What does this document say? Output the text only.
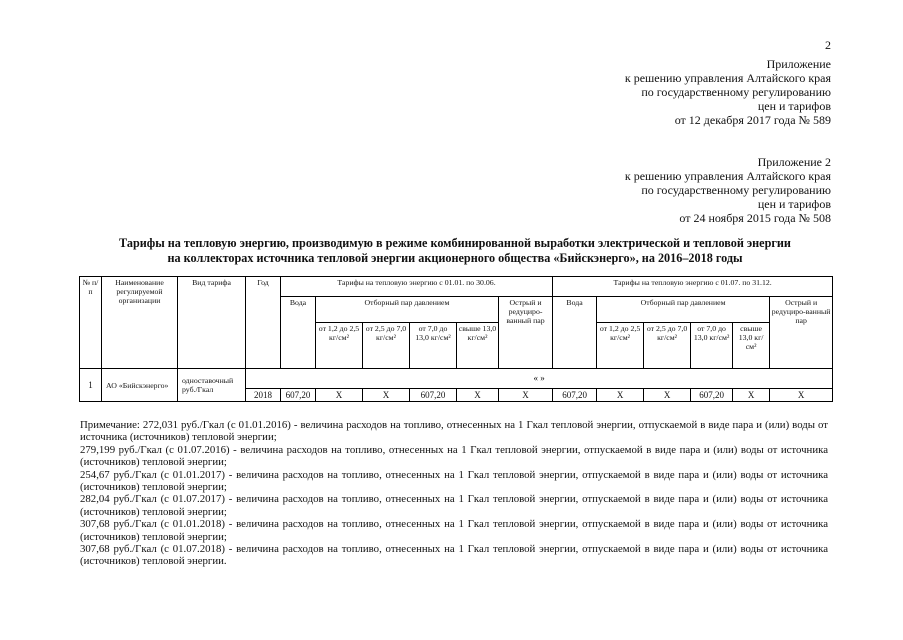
2
Приложение
к решению управления Алтайского края
по государственному регулированию
цен и тарифов
от 12 декабря 2017 года № 589
Приложение 2
к решению управления Алтайского края
по государственному регулированию
цен и тарифов
от 24 ноября 2015 года № 508
Тарифы на тепловую энергию, производимую в режиме комбинированной выработки электрической и тепловой энергии
на коллекторах источника тепловой энергии акционерного общества «Бийскэнерго», на 2016–2018 годы
№ п/п	Наименование регулируемой организации	Вид тарифа	Год	Тарифы на тепловую энергию с 01.01. по 30.06.						Тарифы на тепловую энергию с 01.07. по 31.12.					
				Вода	Отборный пар давлением				Острый и редуциро-ванный пар	Вода	Отборный пар давлением				Острый и редуциро-ванный пар
					от 1,2 до 2,5 кг/см²	от 2,5 до 7,0 кг/см²	от 7,0 до 13,0 кг/см²	свыше 13,0 кг/см²			от 1,2 до 2,5 кг/см²	от 2,5 до 7,0 кг/см²	от 7,0 до 13,0 кг/см²	свыше 13,0 кг/см²	
1	АО «Бийскэнерго»	одноставочный руб./Гкал	« »												
			2018	607,20	Х	Х	607,20	Х	Х	607,20	Х	Х	607,20	Х	Х

Примечание: 272,031 руб./Гкал (с 01.01.2016) - величина расходов на топливо, отнесенных на 1 Гкал тепловой энергии, отпускаемой в виде пара и (или) воды от источника (источников) тепловой энергии;

279,199 руб./Гкал (с 01.07.2016) - величина расходов на топливо, отнесенных на 1 Гкал тепловой энергии, отпускаемой в виде пара и (или) воды от источника (источников) тепловой энергии;

254,67 руб./Гкал (с 01.01.2017) - величина расходов на топливо, отнесенных на 1 Гкал тепловой энергии, отпускаемой в виде пара и (или) воды от источника (источников) тепловой энергии;

282,04 руб./Гкал (с 01.07.2017) - величина расходов на топливо, отнесенных на 1 Гкал тепловой энергии, отпускаемой в виде пара и (или) воды от источника (источников) тепловой энергии;

307,68 руб./Гкал (с 01.01.2018) - величина расходов на топливо, отнесенных на 1 Гкал тепловой энергии, отпускаемой в виде пара и (или) воды от источника (источников) тепловой энергии;

307,68 руб./Гкал (с 01.07.2018) - величина расходов на топливо, отнесенных на 1 Гкал тепловой энергии, отпускаемой в виде пара и (или) воды от источника (источников) тепловой энергии.
